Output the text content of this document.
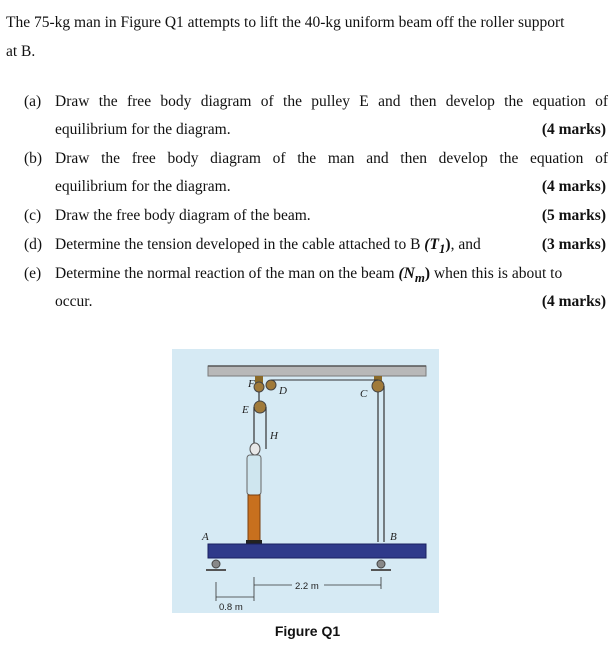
The 75-kg man in Figure Q1 attempts to lift the 40-kg uniform beam off the roller support
at B.
(a) Draw the free body diagram of the pulley E and then develop the equation of
equilibrium for the diagram.	(4 marks)
(b) Draw the free body diagram of the man and then develop the equation of
equilibrium for the diagram.	(4 marks)
(c) Draw the free body diagram of the beam.	(5 marks)
(d) Determine the tension developed in the cable attached to B $(T_1)$, and	(3 marks)
(e) Determine the normal reaction of the man on the beam $(N_m)$ when this is about to
occur.	(4 marks)
A	B
C
D
E
F
H
2.2 m
0.8 m
Figure Q1
